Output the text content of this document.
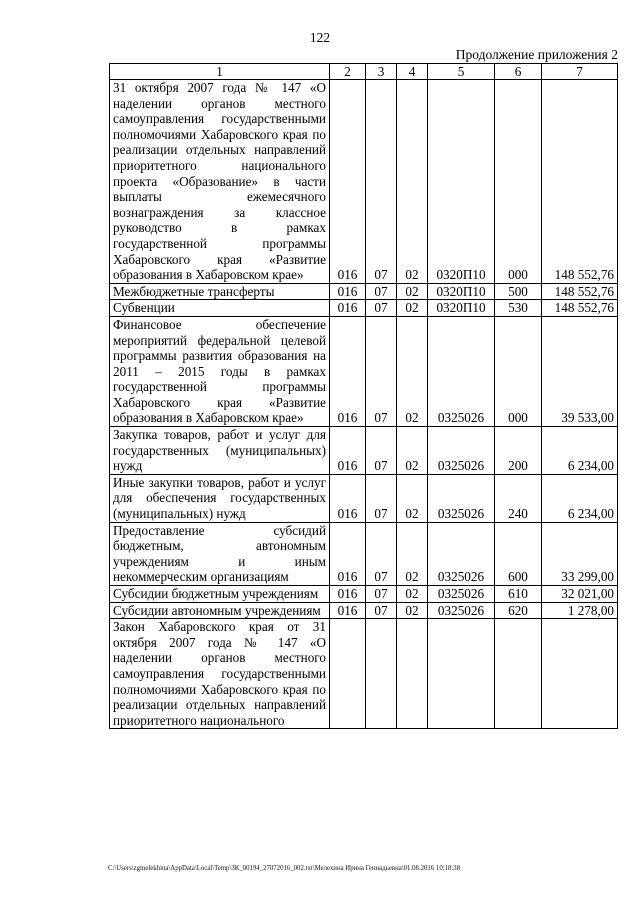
122
Продолжение приложения 2
1	2	3	4	5	6	7
31 октября 2007 года № 147 «О наделении органов местного самоуправления государственными полномочиями Хабаровского края по реализации отдельных направлений приоритетного национального проекта «Образование» в части выплаты ежемесячного вознаграждения за классное руководство в рамках государственной программы Хабаровского края «Развитие образования в Хабаровском крае»	016	07	02	0320П10	000	148 552,76
Межбюджетные трансферты	016	07	02	0320П10	500	148 552,76
Субвенции	016	07	02	0320П10	530	148 552,76
Финансовое обеспечение мероприятий федеральной целевой программы развития образования на 2011 – 2015 годы в рамках государственной программы Хабаровского края «Развитие образования в Хабаровском крае»	016	07	02	0325026	000	39 533,00
Закупка товаров, работ и услуг для государственных (муниципальных) нужд	016	07	02	0325026	200	6 234,00
Иные закупки товаров, работ и услуг для обеспечения государственных (муниципальных) нужд	016	07	02	0325026	240	6 234,00
Предоставление субсидий бюджетным, автономным учреждениям и иным некоммерческим организациям	016	07	02	0325026	600	33 299,00
Субсидии бюджетным учреждениям	016	07	02	0325026	610	32 021,00
Субсидии автономным учреждениям	016	07	02	0325026	620	1 278,00
Закон Хабаровского края от 31 октября 2007 года № 147 «О наделении органов местного самоуправления государственными полномочиями Хабаровского края по реализации отдельных направлений приоритетного национального						
C:\Users\zgmelekhina\AppData\Local\Temp\ЗК_00194_27072016_002.txt\Мелехина Ирина Геннадьевна\01.08.2016 10:18:38
